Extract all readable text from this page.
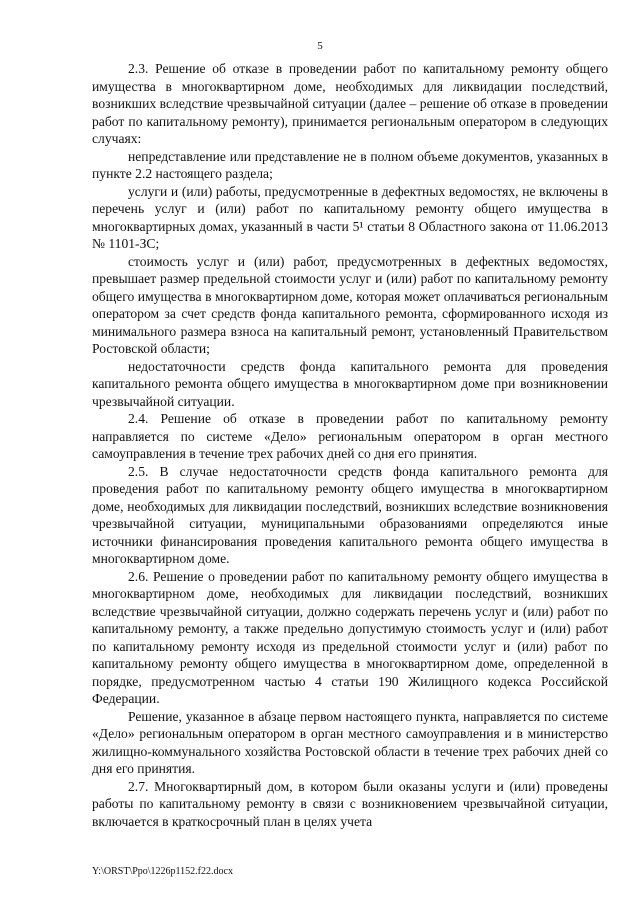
5

2.3. Решение об отказе в проведении работ по капитальному ремонту общего имущества в многоквартирном доме, необходимых для ликвидации последствий, возникших вследствие чрезвычайной ситуации (далее – решение об отказе в проведении работ по капитальному ремонту), принимается региональным оператором в следующих случаях:

непредставление или представление не в полном объеме документов, указанных в пункте 2.2 настоящего раздела;

услуги и (или) работы, предусмотренные в дефектных ведомостях, не включены в перечень услуг и (или) работ по капитальному ремонту общего имущества в многоквартирных домах, указанный в части 5¹ статьи 8 Областного закона от 11.06.2013 № 1101-ЗС;

стоимость услуг и (или) работ, предусмотренных в дефектных ведомостях, превышает размер предельной стоимости услуг и (или) работ по капитальному ремонту общего имущества в многоквартирном доме, которая может оплачиваться региональным оператором за счет средств фонда капитального ремонта, сформированного исходя из минимального размера взноса на капитальный ремонт, установленный Правительством Ростовской области;

недостаточности средств фонда капитального ремонта для проведения капитального ремонта общего имущества в многоквартирном доме при возникновении чрезвычайной ситуации.

2.4. Решение об отказе в проведении работ по капитальному ремонту направляется по системе «Дело» региональным оператором в орган местного самоуправления в течение трех рабочих дней со дня его принятия.

2.5. В случае недостаточности средств фонда капитального ремонта для проведения работ по капитальному ремонту общего имущества в многоквартирном доме, необходимых для ликвидации последствий, возникших вследствие возникновения чрезвычайной ситуации, муниципальными образованиями определяются иные источники финансирования проведения капитального ремонта общего имущества в многоквартирном доме.

2.6. Решение о проведении работ по капитальному ремонту общего имущества в многоквартирном доме, необходимых для ликвидации последствий, возникших вследствие чрезвычайной ситуации, должно содержать перечень услуг и (или) работ по капитальному ремонту, а также предельно допустимую стоимость услуг и (или) работ по капитальному ремонту исходя из предельной стоимости услуг и (или) работ по капитальному ремонту общего имущества в многоквартирном доме, определенной в порядке, предусмотренном частью 4 статьи 190 Жилищного кодекса Российской Федерации.

Решение, указанное в абзаце первом настоящего пункта, направляется по системе «Дело» региональным оператором в орган местного самоуправления и в министерство жилищно-коммунального хозяйства Ростовской области в течение трех рабочих дней со дня его принятия.

2.7. Многоквартирный дом, в котором были оказаны услуги и (или) проведены работы по капитальному ремонту в связи с возникновением чрезвычайной ситуации, включается в краткосрочный план в целях учета

Y:\ORST\Ppo\1226p1152.f22.docx
